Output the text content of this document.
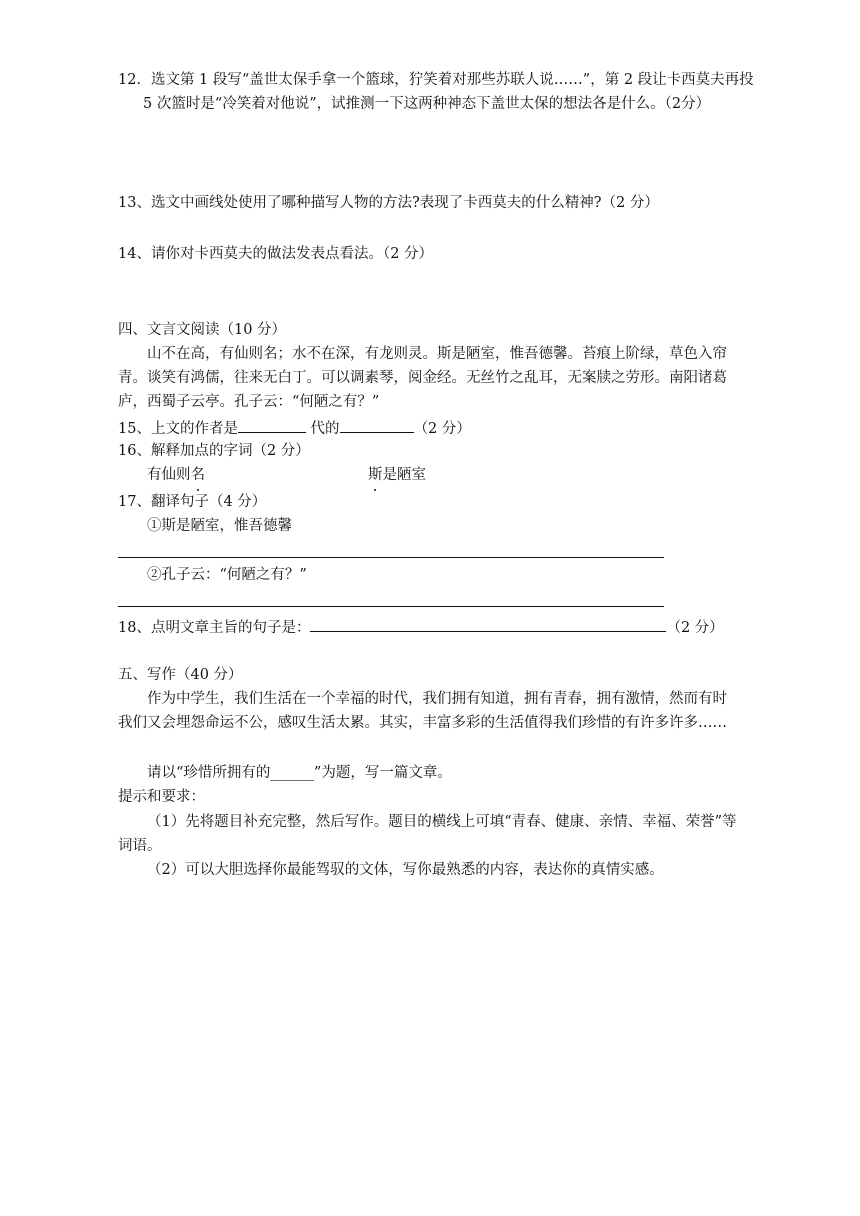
12．选文第 1 段写“盖世太保手拿一个篮球，狞笑着对那些苏联人说……”，第 2 段让卡西莫夫再投 5 次篮时是“冷笑着对他说”，试推测一下这两种神态下盖世太保的想法各是什么。（2分）

13、选文中画线处使用了哪种描写人物的方法?表现了卡西莫夫的什么精神?（2 分）

14、请你对卡西莫夫的做法发表点看法。（2 分）

四、文言文阅读（10 分）

山不在高，有仙则名；水不在深，有龙则灵。斯是陋室，惟吾德馨。苔痕上阶绿，草色入帘青。谈笑有鸿儒，往来无白丁。可以调素琴，阅金经。无丝竹之乱耳，无案牍之劳形。南阳诸葛庐，西蜀子云亭。孔子云：“何陋之有？”

15、上文的作者是	代的	（2 分）

16、解释加点的字词（2 分）

有仙则名	斯是陋室

17、翻译句子（4 分）

①斯是陋室，惟吾德馨

②孔子云：“何陋之有？”

18、点明文章主旨的句子是：	（2 分）

五、写作（40 分）

作为中学生，我们生活在一个幸福的时代，我们拥有知道，拥有青春，拥有激情，然而有时我们又会埋怨命运不公，感叹生活太累。其实，丰富多彩的生活值得我们珍惜的有许多许多……

请以“珍惜所拥有的______”为题，写一篇文章。

提示和要求：

（1）先将题目补充完整，然后写作。题目的横线上可填“青春、健康、亲情、幸福、荣誉”等词语。

（2）可以大胆选择你最能驾驭的文体，写你最熟悉的内容，表达你的真情实感。
